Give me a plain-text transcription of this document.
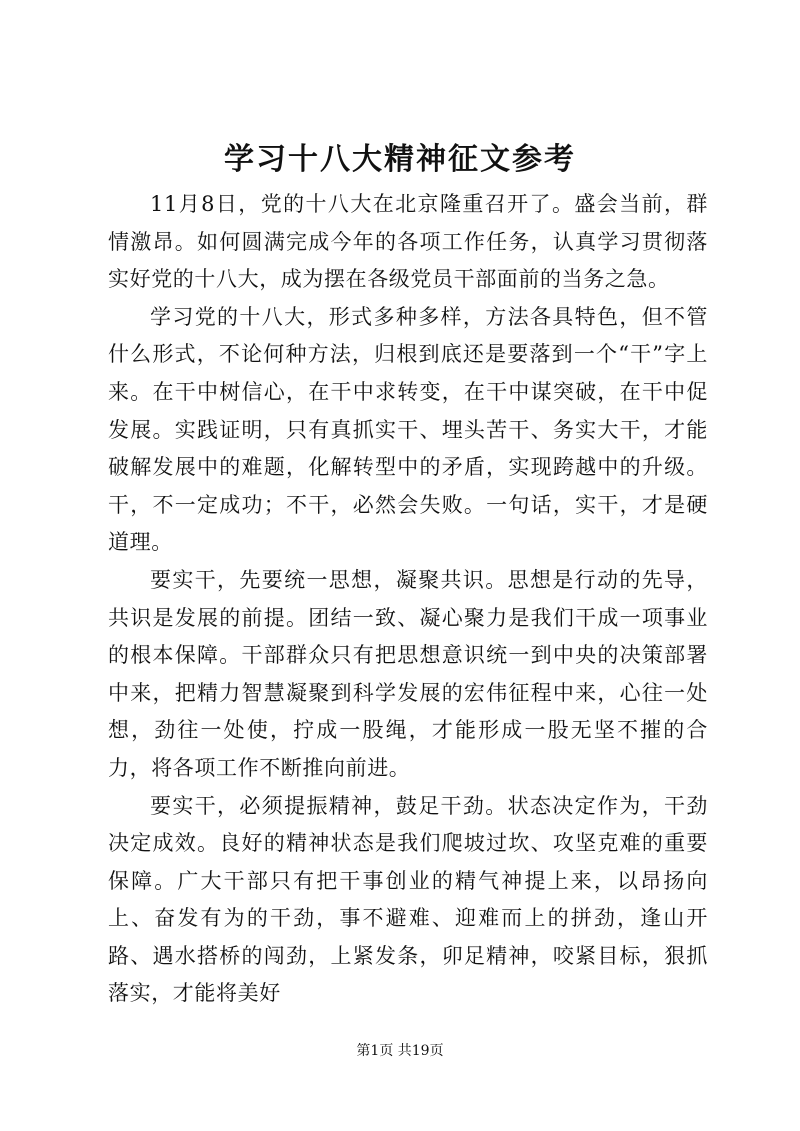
学习十八大精神征文参考

11月8日，党的十八大在北京隆重召开了。盛会当前，群情激昂。如何圆满完成今年的各项工作任务，认真学习贯彻落实好党的十八大，成为摆在各级党员干部面前的当务之急。

学习党的十八大，形式多种多样，方法各具特色，但不管什么形式，不论何种方法，归根到底还是要落到一个“干”字上来。在干中树信心，在干中求转变，在干中谋突破，在干中促发展。实践证明，只有真抓实干、埋头苦干、务实大干，才能破解发展中的难题，化解转型中的矛盾，实现跨越中的升级。干，不一定成功；不干，必然会失败。一句话，实干，才是硬道理。

要实干，先要统一思想，凝聚共识。思想是行动的先导，共识是发展的前提。团结一致、凝心聚力是我们干成一项事业的根本保障。干部群众只有把思想意识统一到中央的决策部署中来，把精力智慧凝聚到科学发展的宏伟征程中来，心往一处想，劲往一处使，拧成一股绳，才能形成一股无坚不摧的合力，将各项工作不断推向前进。

要实干，必须提振精神，鼓足干劲。状态决定作为，干劲决定成效。良好的精神状态是我们爬坡过坎、攻坚克难的重要保障。广大干部只有把干事创业的精气神提上来，以昂扬向上、奋发有为的干劲，事不避难、迎难而上的拼劲，逢山开路、遇水搭桥的闯劲，上紧发条，卯足精神，咬紧目标，狠抓落实，才能将美好

第1页 共19页
